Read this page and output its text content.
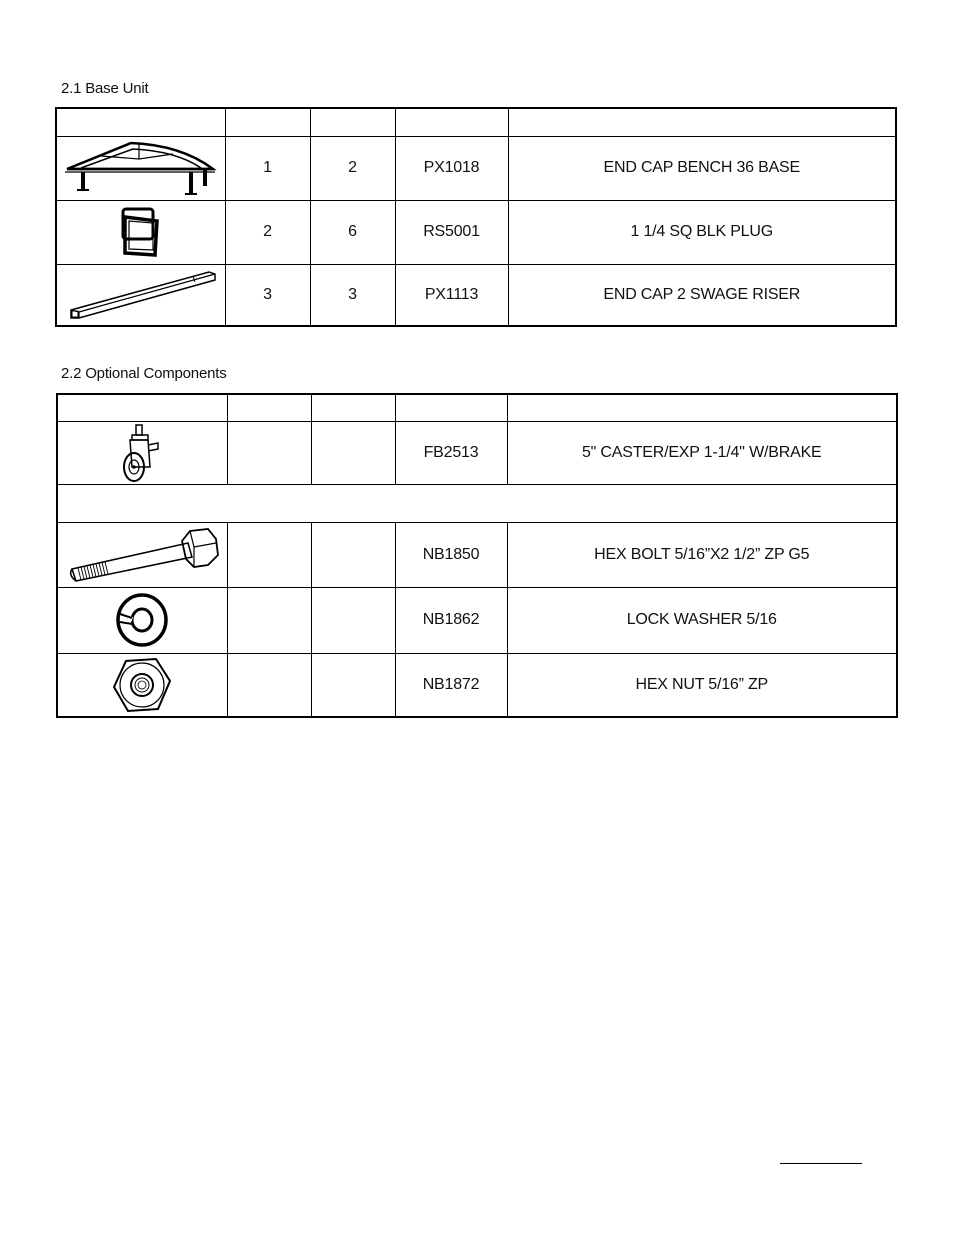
2.1 Base Unit

	1	2	PX1018	END CAP BENCH 36 BASE

	2	6	RS5001	1 1/4 SQ BLK PLUG

	3	3	PX1113	END CAP 2 SWAGE RISER
2.2 Optional Components

			FB2513	5" CASTER/EXP 1-1/4'' W/BRAKE

			NB1850	HEX BOLT 5/16”X2 1/2” ZP G5

			NB1862	LOCK WASHER 5/16

			NB1872	HEX NUT 5/16” ZP
